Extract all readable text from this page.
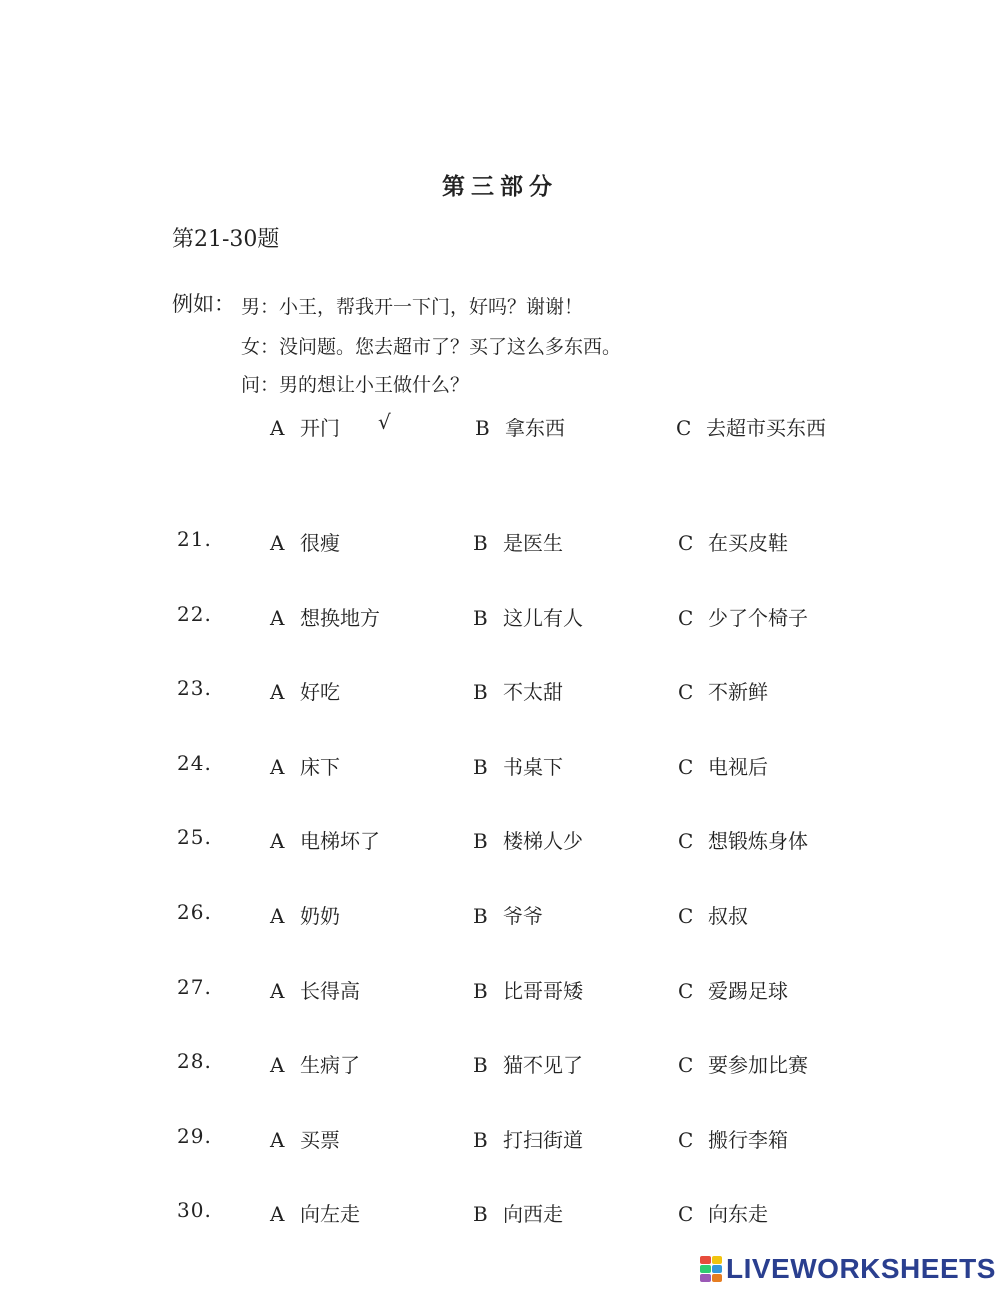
第三部分
第21-30题
例如： 男：小王，帮我开一下门，好吗？谢谢！
女：没问题。您去超市了？买了这么多东西。
问：男的想让小王做什么？
A 开门 √	B 拿东西	C 去超市买东西
21.	A 很瘦	B 是医生	C 在买皮鞋
22.	A 想换地方	B 这儿有人	C 少了个椅子
23.	A 好吃	B 不太甜	C 不新鲜
24.	A 床下	B 书桌下	C 电视后
25.	A 电梯坏了	B 楼梯人少	C 想锻炼身体
26.	A 奶奶	B 爷爷	C 叔叔
27.	A 长得高	B 比哥哥矮	C 爱踢足球
28.	A 生病了	B 猫不见了	C 要参加比赛
29.	A 买票	B 打扫街道	C 搬行李箱
30.	A 向左走	B 向西走	C 向东走
LIVEWORKSHEETS
